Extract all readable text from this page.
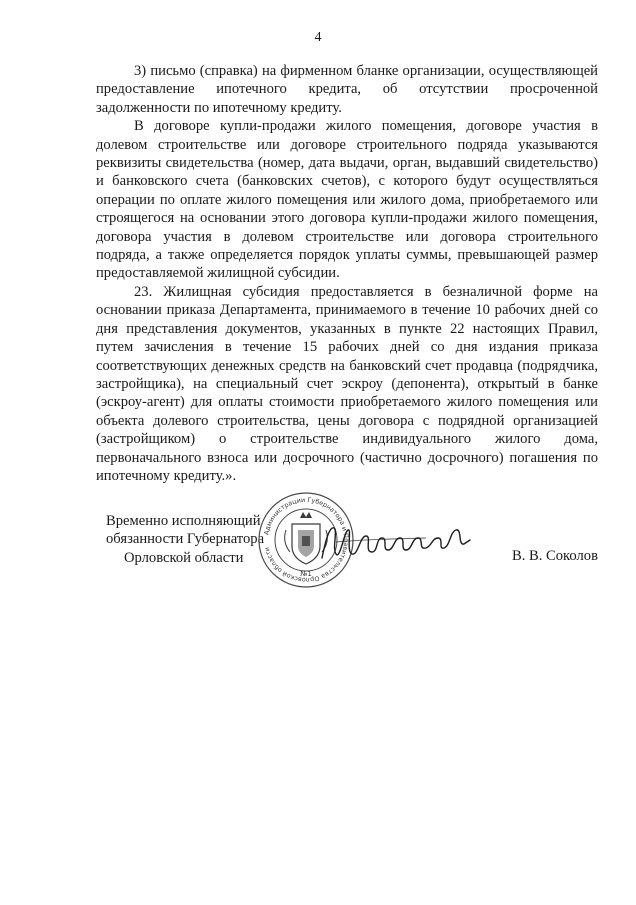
4

3) письмо (справка) на фирменном бланке организации, осуществляющей предоставление ипотечного кредита, об отсутствии просроченной задолженности по ипотечному кредиту.

В договоре купли-продажи жилого помещения, договоре участия в долевом строительстве или договоре строительного подряда указываются реквизиты свидетельства (номер, дата выдачи, орган, выдавший свидетельство) и банковского счета (банковских счетов), с которого будут осуществляться операции по оплате жилого помещения или жилого дома, приобретаемого или строящегося на основании этого договора купли-продажи жилого помещения, договора участия в долевом строительстве или договора строительного подряда, а также определяется порядок уплаты суммы, превышающей размер предоставляемой жилищной субсидии.

23. Жилищная субсидия предоставляется в безналичной форме на основании приказа Департамента, принимаемого в течение 10 рабочих дней со дня представления документов, указанных в пункте 22 настоящих Правил, путем зачисления в течение 15 рабочих дней со дня издания приказа соответствующих денежных средств на банковский счет продавца (подрядчика, застройщика), на специальный счет эскроу (депонента), открытый в банке (эскроу-агент) для оплаты стоимости приобретаемого жилого помещения или объекта долевого строительства, цены договора с подрядной организацией (застройщиком) о строительстве индивидуального жилого дома, первоначального взноса или досрочного (частично досрочного) погашения по ипотечному кредиту.».

Временно исполняющий
обязанности Губернатора
Орловской области
Администрации Губернатора и Правительства Орловской области
№1
В. В. Соколов
